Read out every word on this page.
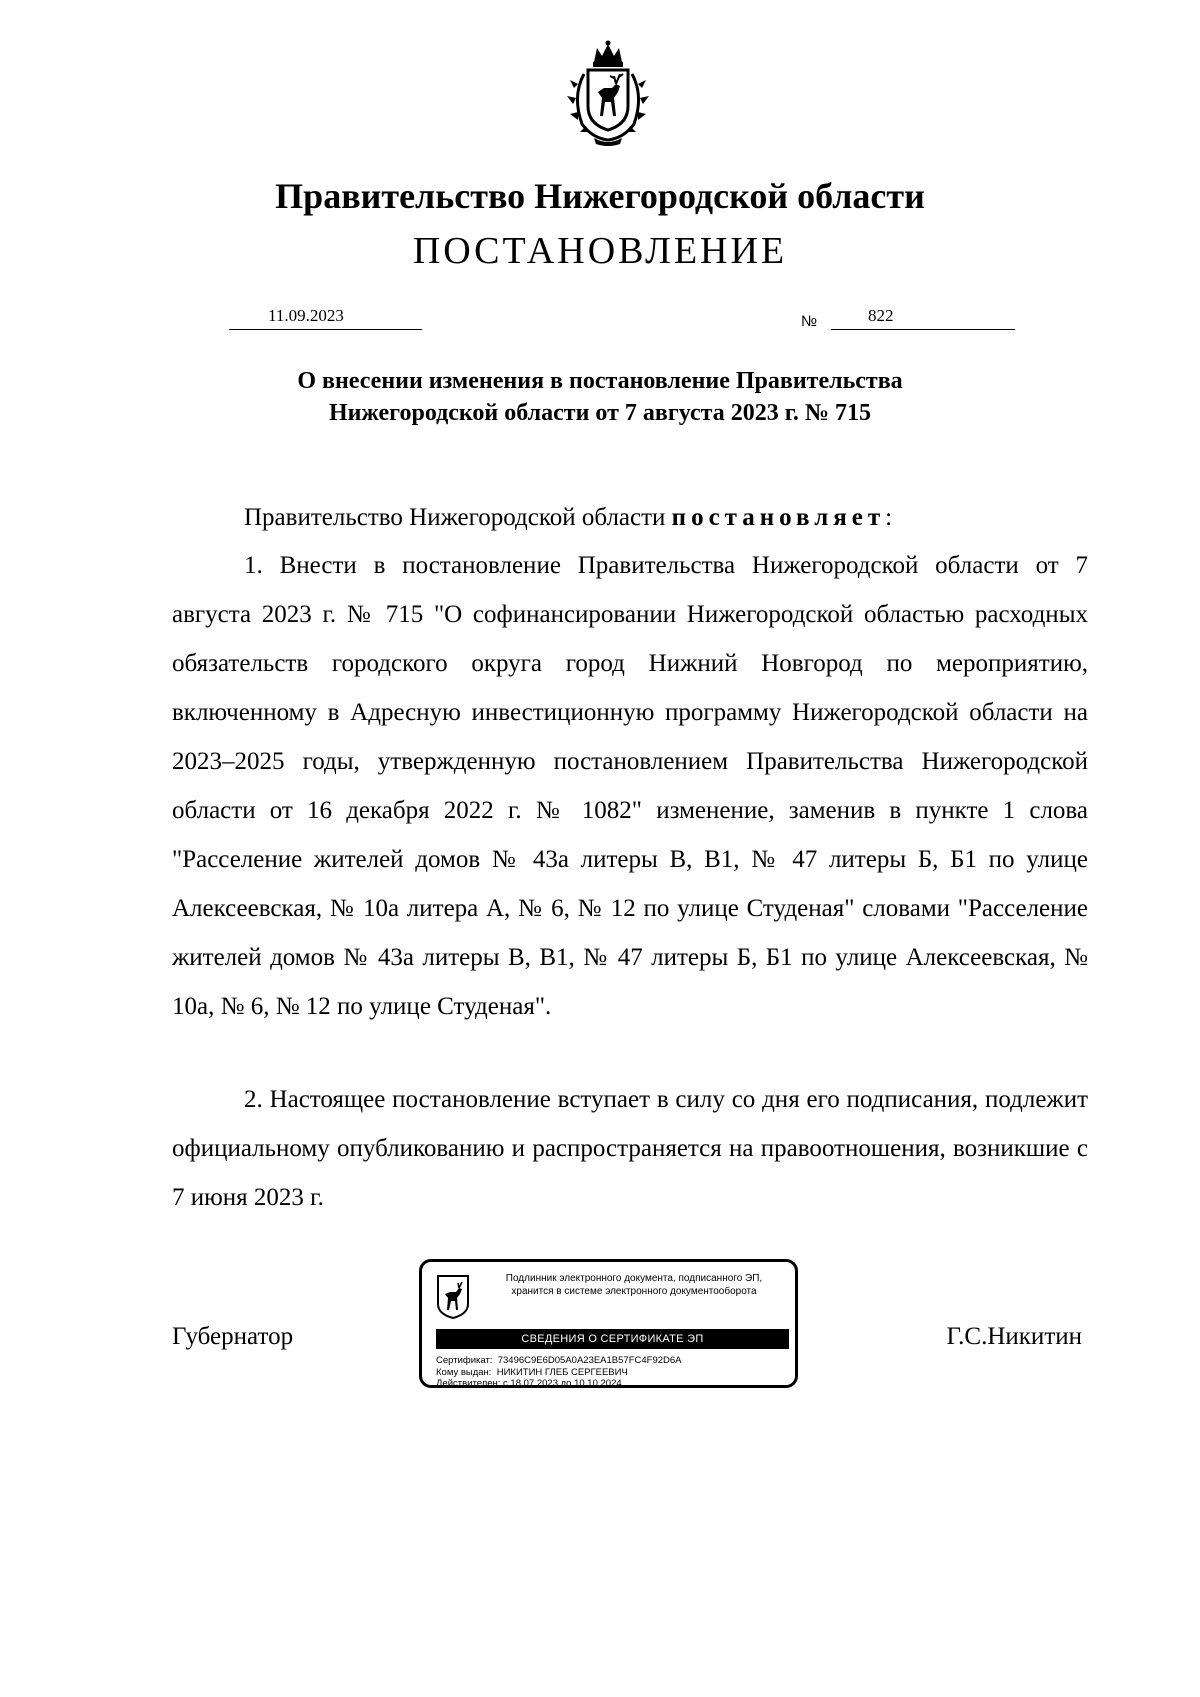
Правительство Нижегородской области
ПОСТАНОВЛЕНИЕ
11.09.2023	№	822
О внесении изменения в постановление Правительства
Нижегородской области от 7 августа 2023 г. № 715
Правительство Нижегородской области постановляет:
1. Внести в постановление Правительства Нижегородской области от 7 августа 2023 г. № 715 "О софинансировании Нижегородской областью расходных обязательств городского округа город Нижний Новгород по мероприятию, включенному в Адресную инвестиционную программу Нижегородской области на 2023–2025 годы, утвержденную постановлением Правительства Нижегородской области от 16 декабря 2022 г. № 1082" изменение, заменив в пункте 1 слова "Расселение жителей домов № 43а литеры В, В1, № 47 литеры Б, Б1 по улице Алексеевская, № 10а литера А, № 6, № 12 по улице Студеная" словами "Расселение жителей домов № 43а литеры В, В1, № 47 литеры Б, Б1 по улице Алексеевская, № 10а, № 6, № 12 по улице Студеная".
2. Настоящее постановление вступает в силу со дня его подписания, подлежит официальному опубликованию и распространяется на правоотношения, возникшие с 7 июня 2023 г.
Губернатор	Г.С.Никитин
Подлинник электронного документа, подписанного ЭП,
хранится в системе электронного документооборота
СВЕДЕНИЯ О СЕРТИФИКАТЕ ЭП
Сертификат: 73496C9E6D05A0A23EA1B57FC4F92D6A
Кому выдан: НИКИТИН ГЛЕБ СЕРГЕЕВИЧ
Действителен: с 18.07.2023 до 10.10.2024
